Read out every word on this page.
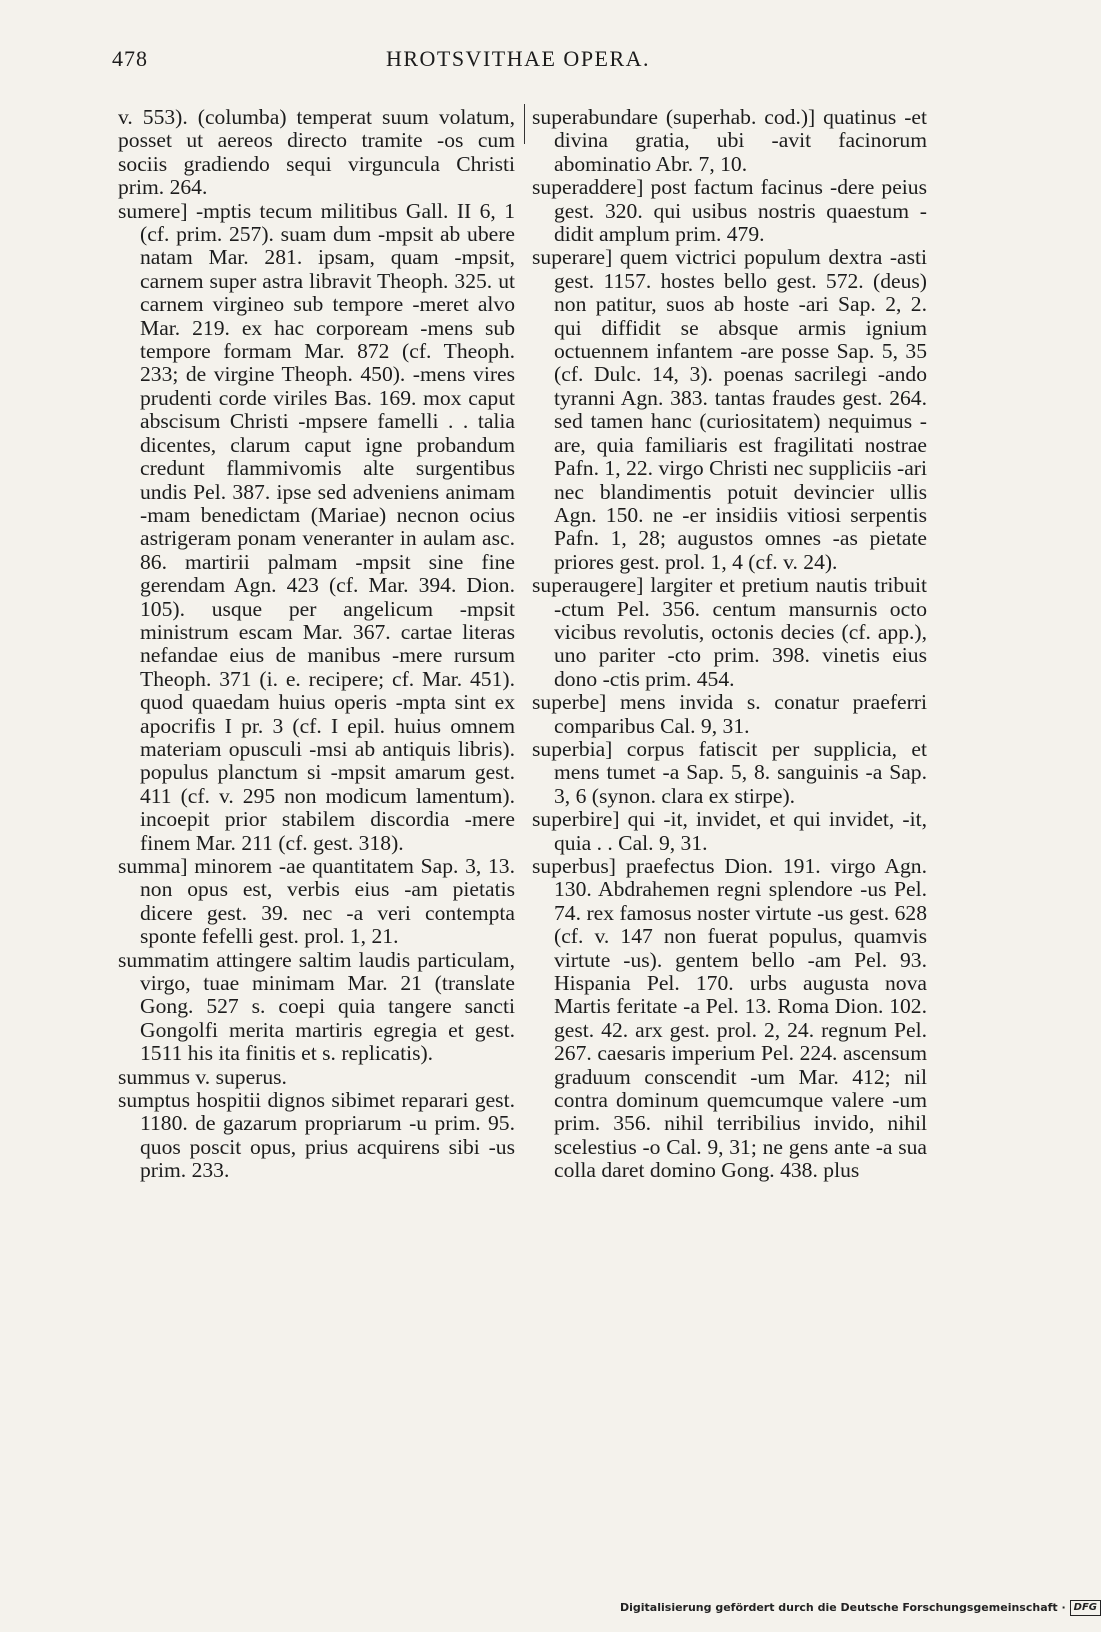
478	HROTSVITHAE OPERA.

v. 553). (columba) temperat suum volatum, posset ut aereos directo tramite -os cum sociis gradiendo sequi virguncula Christi prim. 264.

sumere] -mptis tecum militibus Gall. II 6, 1 (cf. prim. 257). suam dum -mpsit ab ubere natam Mar. 281. ipsam, quam -mpsit, carnem super astra libravit Theoph. 325. ut carnem virgineo sub tempore -meret alvo Mar. 219. ex hac corpoream -mens sub tempore formam Mar. 872 (cf. Theoph. 233; de virgine Theoph. 450). -mens vires prudenti corde viriles Bas. 169. mox caput abscisum Christi -mpsere famelli . . talia dicentes, clarum caput igne probandum credunt flammivomis alte surgentibus undis Pel. 387. ipse sed adveniens animam -mam benedictam (Mariae) necnon ocius astrigeram ponam veneranter in aulam asc. 86. martirii palmam -mpsit sine fine gerendam Agn. 423 (cf. Mar. 394. Dion. 105). usque per angelicum -mpsit ministrum escam Mar. 367. cartae literas nefandae eius de manibus -mere rursum Theoph. 371 (i. e. recipere; cf. Mar. 451). quod quaedam huius operis -mpta sint ex apocrifis I pr. 3 (cf. I epil. huius omnem materiam opusculi -msi ab antiquis libris). populus planctum si -mpsit amarum gest. 411 (cf. v. 295 non modicum lamentum). incoepit prior stabilem discordia -mere finem Mar. 211 (cf. gest. 318).

summa] minorem -ae quantitatem Sap. 3, 13. non opus est, verbis eius -am pietatis dicere gest. 39. nec -a veri contempta sponte fefelli gest. prol. 1, 21.

summatim attingere saltim laudis particulam, virgo, tuae minimam Mar. 21 (translate Gong. 527 s. coepi quia tangere sancti Gongolfi merita martiris egregia et gest. 1511 his ita finitis et s. replicatis).

summus v. superus.

sumptus hospitii dignos sibimet reparari gest. 1180. de gazarum propriarum -u prim. 95. quos poscit opus, prius acquirens sibi -us prim. 233.

superabundare (superhab. cod.)] quatinus -et divina gratia, ubi -avit facinorum abominatio Abr. 7, 10.

superaddere] post factum facinus -dere peius gest. 320. qui usibus nostris quaestum -didit amplum prim. 479.

superare] quem victrici populum dextra -asti gest. 1157. hostes bello gest. 572. (deus) non patitur, suos ab hoste -ari Sap. 2, 2. qui diffidit se absque armis ignium octuennem infantem -are posse Sap. 5, 35 (cf. Dulc. 14, 3). poenas sacrilegi -ando tyranni Agn. 383. tantas fraudes gest. 264. sed tamen hanc (curiositatem) nequimus -are, quia familiaris est fragilitati nostrae Pafn. 1, 22. virgo Christi nec suppliciis -ari nec blandimentis potuit devincier ullis Agn. 150. ne -er insidiis vitiosi serpentis Pafn. 1, 28; augustos omnes -as pietate priores gest. prol. 1, 4 (cf. v. 24).

superaugere] largiter et pretium nautis tribuit -ctum Pel. 356. centum mansurnis octo vicibus revolutis, octonis decies (cf. app.), uno pariter -cto prim. 398. vinetis eius dono -ctis prim. 454.

superbe] mens invida s. conatur praeferri comparibus Cal. 9, 31.

superbia] corpus fatiscit per supplicia, et mens tumet -a Sap. 5, 8. sanguinis -a Sap. 3, 6 (synon. clara ex stirpe).

superbire] qui -it, invidet, et qui invidet, -it, quia . . Cal. 9, 31.

superbus] praefectus Dion. 191. virgo Agn. 130. Abdrahemen regni splendore -us Pel. 74. rex famosus noster virtute -us gest. 628 (cf. v. 147 non fuerat populus, quamvis virtute -us). gentem bello -am Pel. 93. Hispania Pel. 170. urbs augusta nova Martis feritate -a Pel. 13. Roma Dion. 102. gest. 42. arx gest. prol. 2, 24. regnum Pel. 267. caesaris imperium Pel. 224. ascensum graduum conscendit -um Mar. 412; nil contra dominum quemcumque valere -um prim. 356. nihil terribilius invido, nihil scelestius -o Cal. 9, 31; ne gens ante -a sua colla daret domino Gong. 438. plus

Digitalisierung gefördert durch die Deutsche Forschungsgemeinschaft · DFG
